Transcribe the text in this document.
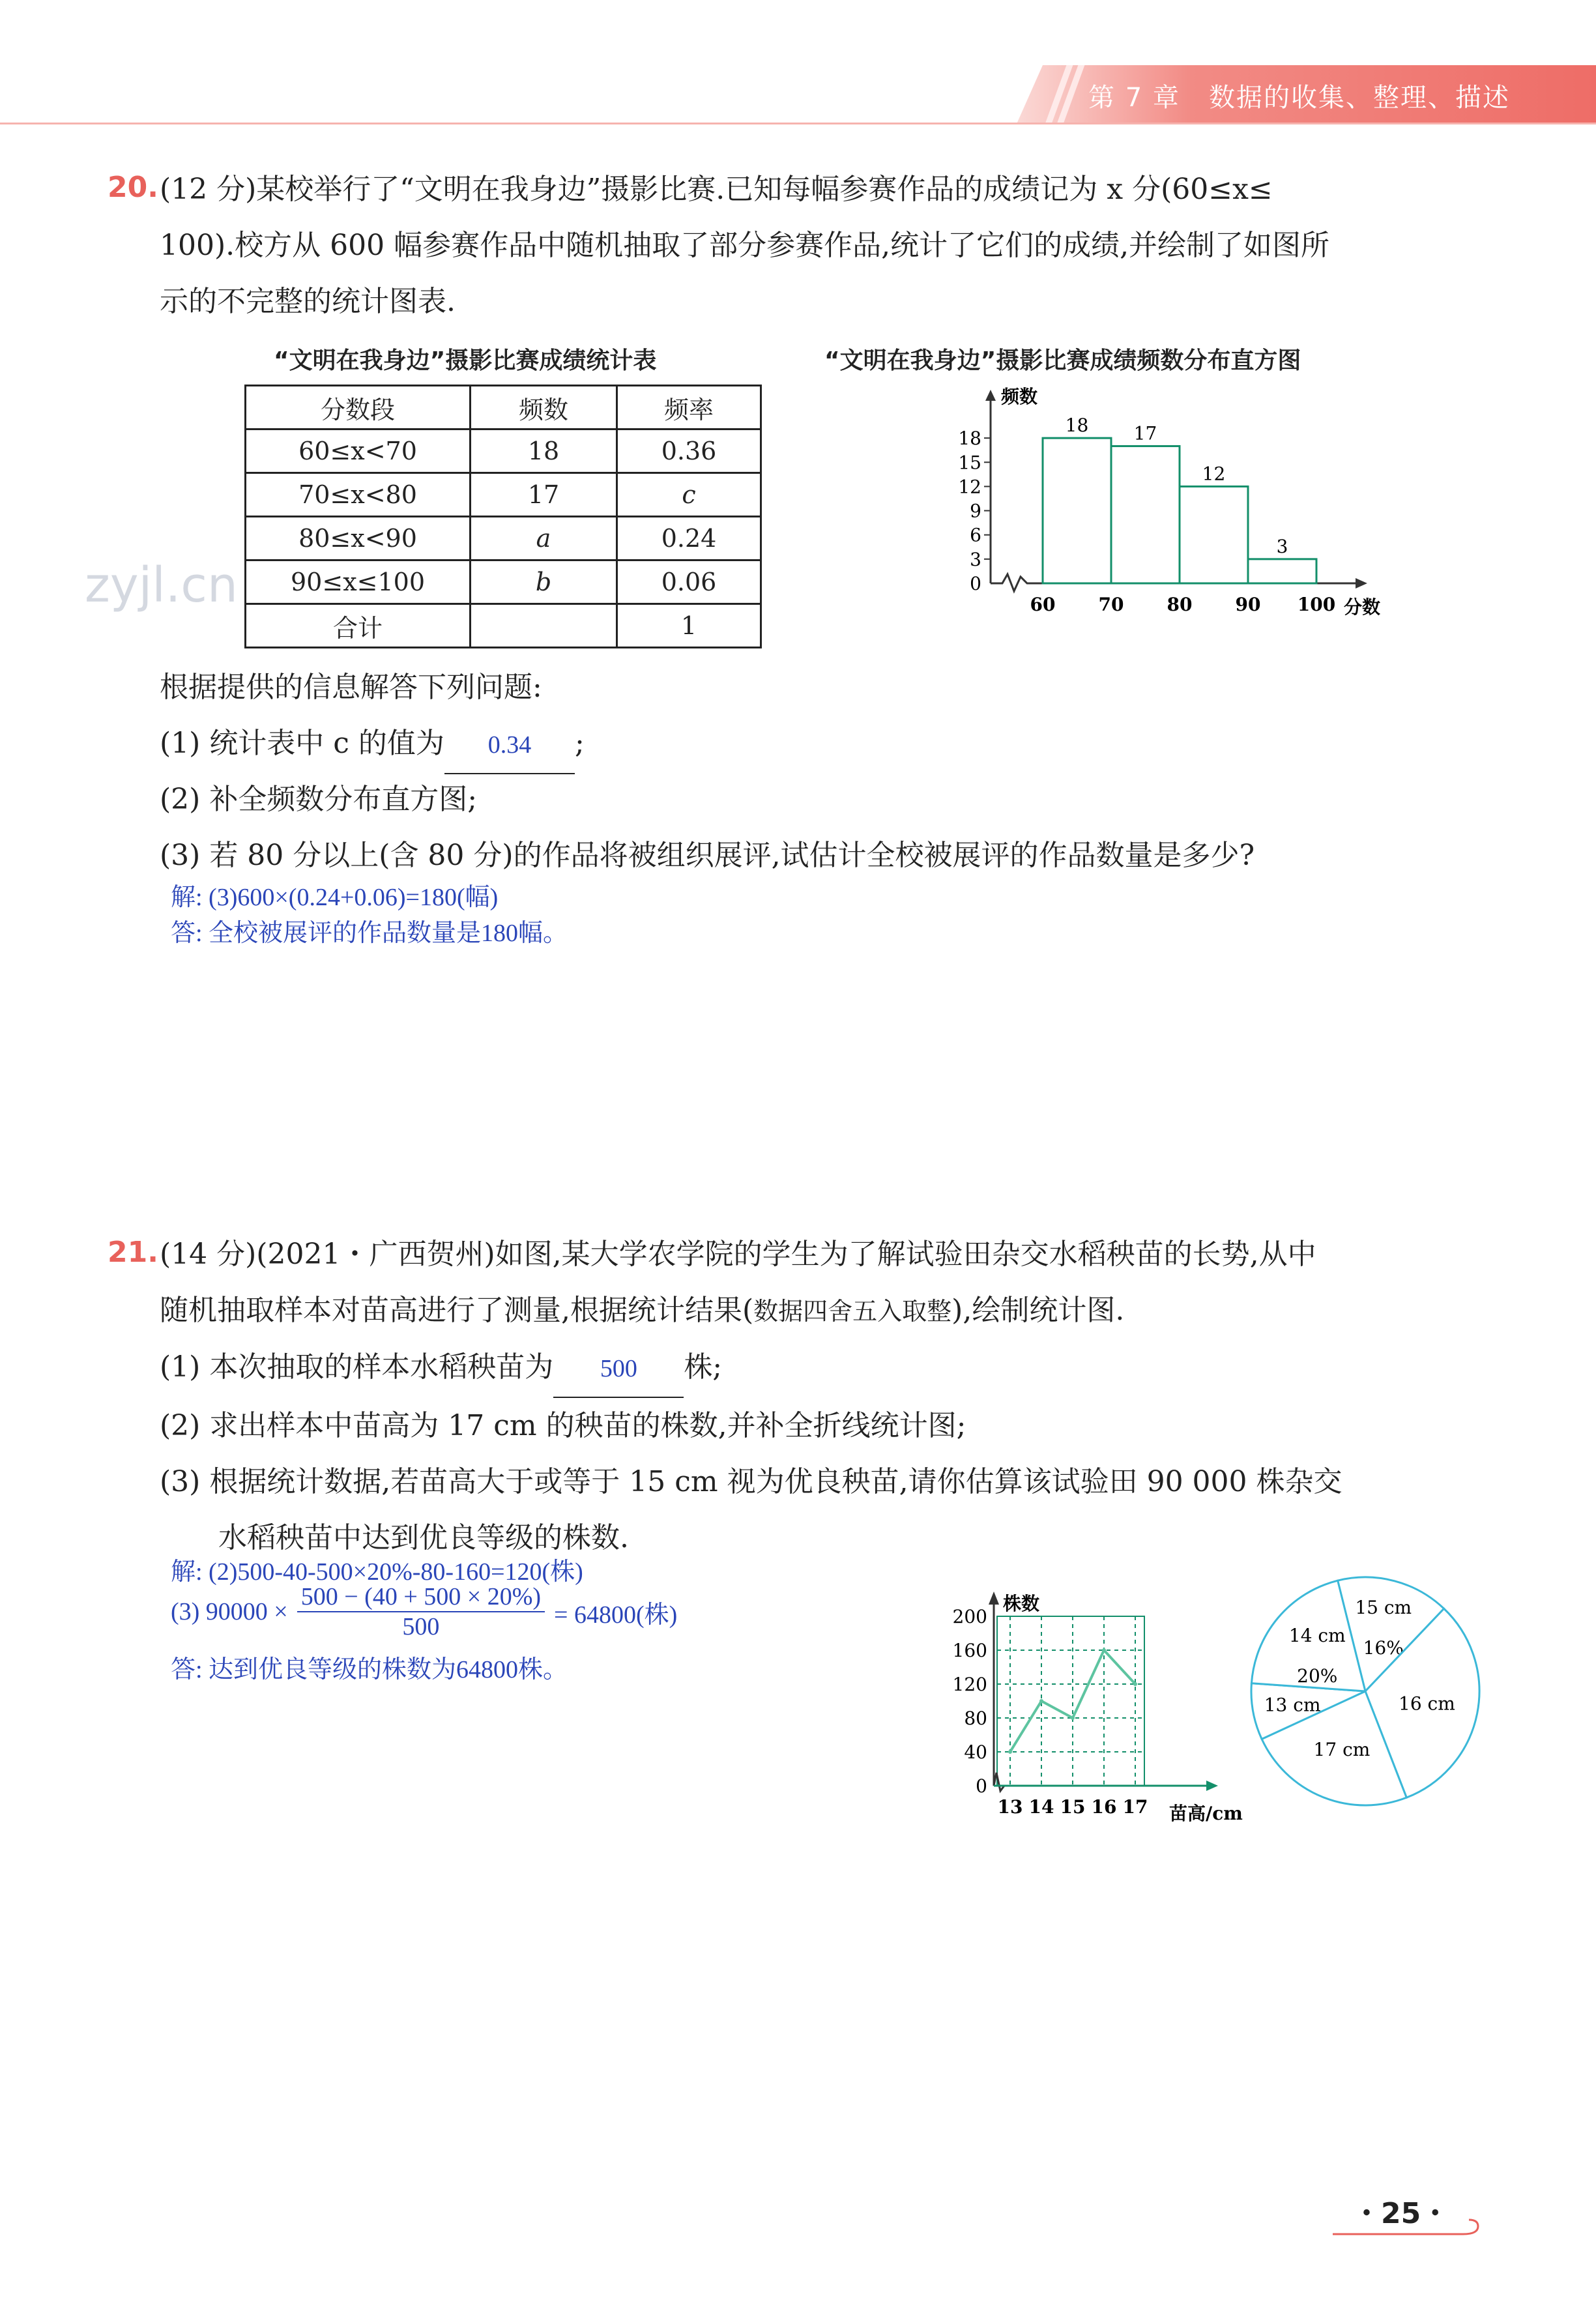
第 7 章 数据的收集、整理、描述
20. (12 分)某校举行了“文明在我身边”摄影比赛.已知每幅参赛作品的成绩记为 x 分(60≤x≤
100).校方从 600 幅参赛作品中随机抽取了部分参赛作品,统计了它们的成绩,并绘制了如图所
示的不完整的统计图表.
“文明在我身边”摄影比赛成绩统计表
分数段	频数	频率
60≤x<70	18	0.36
70≤x<80	17	c
80≤x<90	a	0.24
90≤x≤100	b	0.06
合计		1
zyjl.cn
“文明在我身边”摄影比赛成绩频数分布直方图
频数
0
3
6
9
12
15
18
60 70 80 90 100 分数
18 17
12
3
根据提供的信息解答下列问题:
(1) 统计表中 c 的值为 0.34 ;
(2) 补全频数分布直方图;
(3) 若 80 分以上(含 80 分)的作品将被组织展评,试估计全校被展评的作品数量是多少?
解: (3)600×(0.24+0.06)=180(幅)
答: 全校被展评的作品数量是180幅。
21. (14 分)(2021・广西贺州)如图,某大学农学院的学生为了解试验田杂交水稻秧苗的长势,从中
随机抽取样本对苗高进行了测量,根据统计结果(数据四舍五入取整),绘制统计图.
(1) 本次抽取的样本水稻秧苗为 500 株;
(2) 求出样本中苗高为 17 cm 的秧苗的株数,并补全折线统计图;
(3) 根据统计数据,若苗高大于或等于 15 cm 视为优良秧苗,请你估算该试验田 90 000 株杂交
水稻秧苗中达到优良等级的株数.
解: (2)500-40-500×20%-80-160=120(株)
(3) $90000 \times \frac{500 - (40 + 500 \times 20\%)}{500} = 64800$(株)
答: 达到优良等级的株数为64800株。
0
40
80
120
160
200
13 14 15 16 17
株数
苗高/cm
15 cm
16%
16 cm
17 cm
13 cm
14 cm
20%
・25・
